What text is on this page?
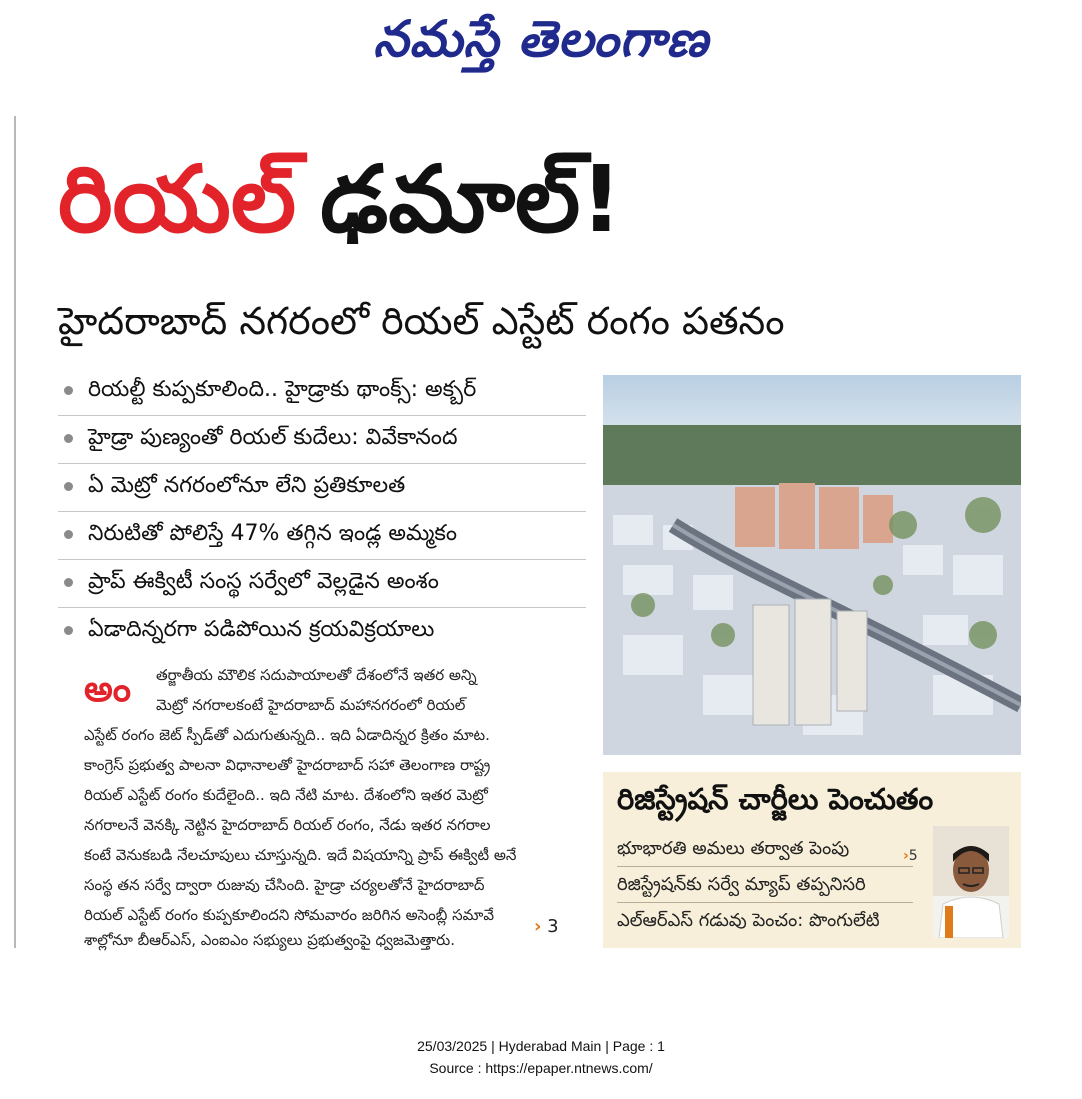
నమస్తే తెలంగాణ
రియల్ ఢమాల్!
హైదరాబాద్ నగరంలో రియల్ ఎస్టేట్ రంగం పతనం
రియల్టీ కుప్పకూలింది.. హైడ్రాకు థాంక్స్: అక్బర్
హైడ్రా పుణ్యంతో రియల్ కుదేలు: వివేకానంద
ఏ మెట్రో నగరంలోనూ లేని ప్రతికూలత
నిరుటితో పోలిస్తే 47% తగ్గిన ఇండ్ల అమ్మకం
ప్రాప్ ఈక్విటీ సంస్థ సర్వేలో వెల్లడైన అంశం
ఏడాదిన్నరగా పడిపోయిన క్రయవిక్రయాలు
అం	తర్జాతీయ మౌలిక సదుపాయాలతో దేశంలోనే ఇతర అన్ని
మెట్రో నగరాలకంటే హైదరాబాద్ మహానగరంలో రియల్
ఎస్టేట్ రంగం జెట్ స్పీడ్‌తో ఎదుగుతున్నది.. ఇది ఏడాదిన్నర క్రితం మాట.
కాంగ్రెస్ ప్రభుత్వ పాలనా విధానాలతో హైదరాబాద్ సహా తెలంగాణ రాష్ట్ర
రియల్ ఎస్టేట్ రంగం కుదేలైంది.. ఇది నేటి మాట. దేశంలోని ఇతర మెట్రో
నగరాలనే వెనక్కి నెట్టిన హైదరాబాద్ రియల్ రంగం, నేడు ఇతర నగరాల
కంటే వెనుకబడి నేలచూపులు చూస్తున్నది. ఇదే విషయాన్ని ప్రాప్ ఈక్విటీ అనే
సంస్థ తన సర్వే ద్వారా రుజువు చేసింది. హైడ్రా చర్యలతోనే హైదరాబాద్
రియల్ ఎస్టేట్ రంగం కుప్పకూలిందని సోమవారం జరిగిన అసెంబ్లీ సమావే
శాల్లోనూ బీఆర్‌ఎస్, ఎంఐఎం సభ్యులు ప్రభుత్వంపై ధ్వజమెత్తారు.
› 3
రిజిస్ట్రేషన్ చార్జీలు పెంచుతం
భూభారతి అమలు తర్వాత పెంపు
రిజిస్ట్రేషన్‌కు సర్వే మ్యాప్ తప్పనిసరి
ఎల్‌ఆర్‌ఎస్ గడువు పెంచం: పొంగులేటి
›5
25/03/2025 | Hyderabad Main | Page : 1
Source : https://epaper.ntnews.com/
